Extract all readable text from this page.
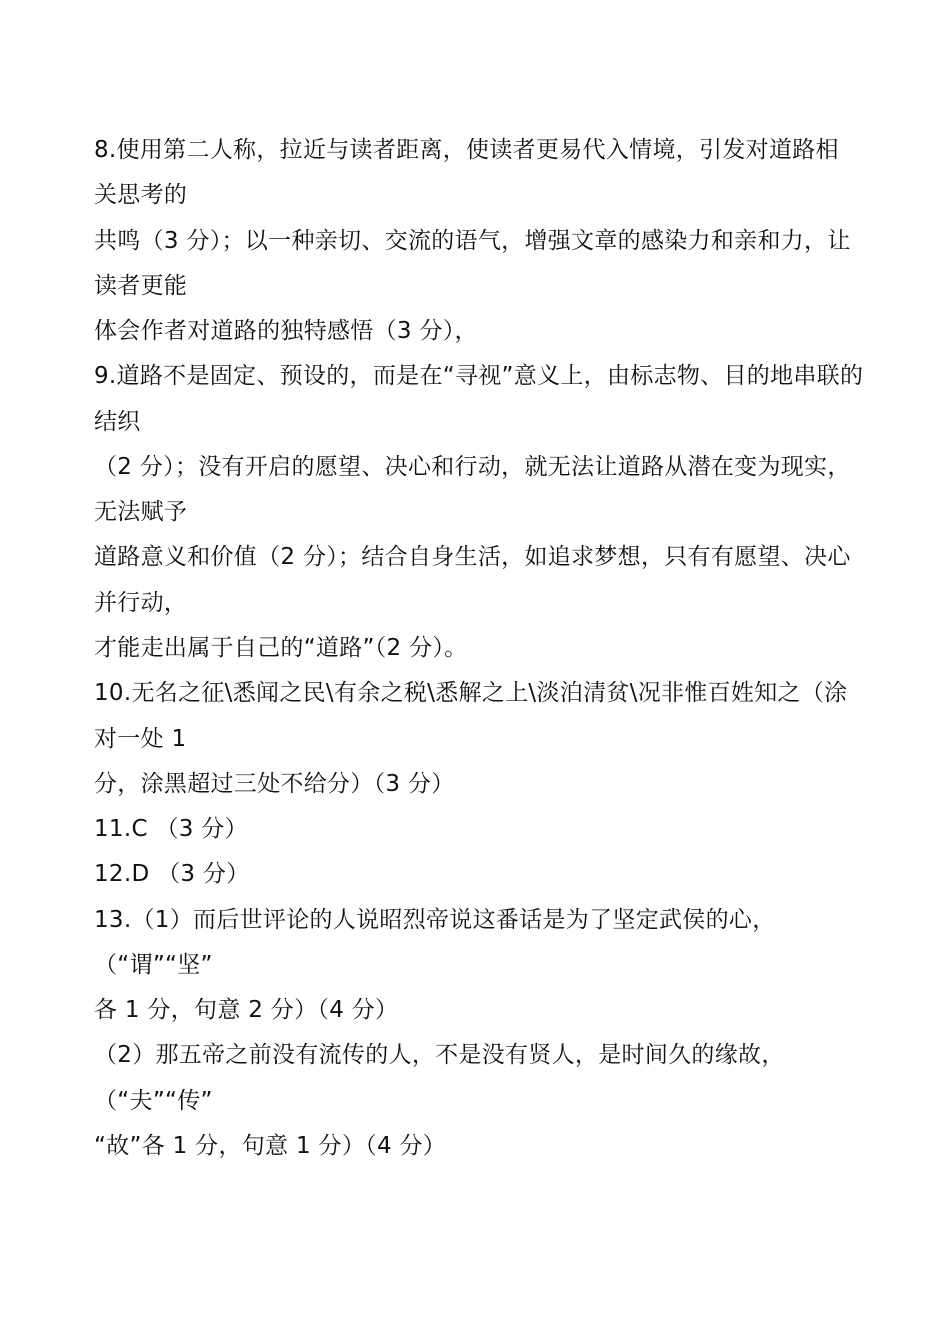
8.使用第二人称，拉近与读者距离，使读者更易代入情境，引发对道路相
关思考的
共鸣（3 分）；以一种亲切、交流的语气，增强文章的感染力和亲和力，让
读者更能
体会作者对道路的独特感悟（3 分），
9.道路不是固定、预设的，而是在“寻视”意义上，由标志物、目的地串联的
结织
（2 分）；没有开启的愿望、决心和行动，就无法让道路从潜在变为现实，
无法赋予
道路意义和价值（2 分）；结合自身生活，如追求梦想，只有有愿望、决心
并行动，
才能走出属于自己的“道路”（2 分）。
10.无名之征\悉闻之民\有余之税\悉解之上\淡泊清贫\况非惟百姓知之（涂
对一处 1
分，涂黑超过三处不给分）（3 分）
11.C （3 分）
12.D （3 分）
13.（1）而后世评论的人说昭烈帝说这番话是为了坚定武侯的心，
（“谓”“坚”
各 1 分，句意 2 分）（4 分）
（2）那五帝之前没有流传的人，不是没有贤人，是时间久的缘故，
（“夫”“传”
“故”各 1 分，句意 1 分）（4 分）
